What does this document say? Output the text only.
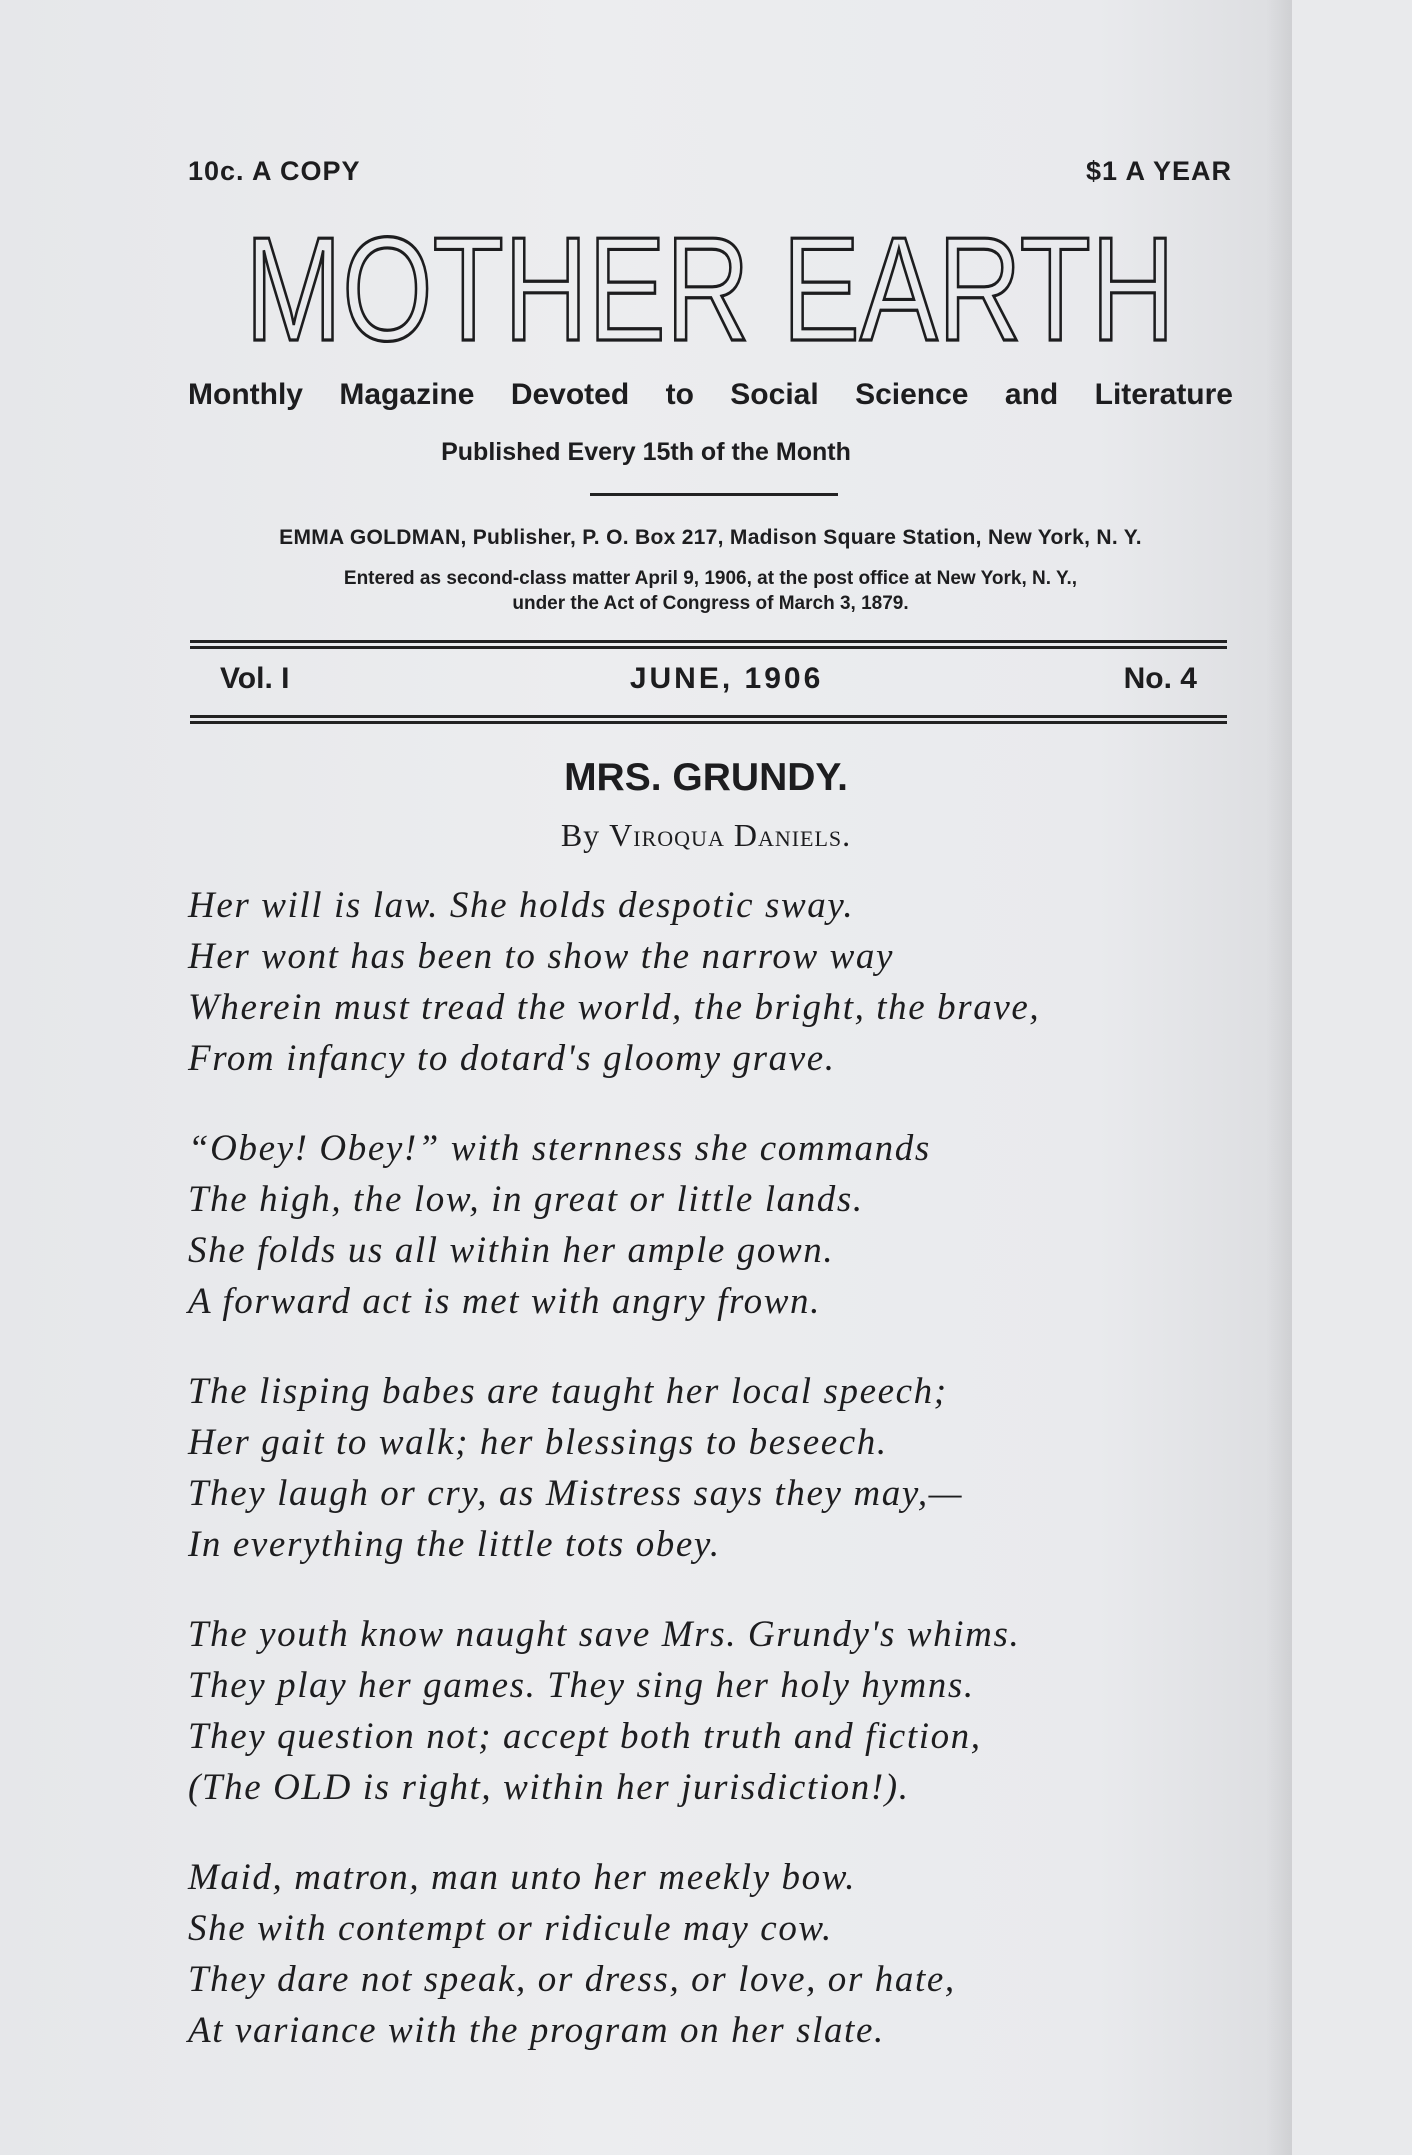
10c. A COPY	$1 A YEAR
MOTHER EARTH
Monthly Magazine Devoted to Social Science and Literature
Published Every 15th of the Month
EMMA GOLDMAN, Publisher, P. O. Box 217, Madison Square Station, New York, N. Y.
Entered as second-class matter April 9, 1906, at the post office at New York, N. Y.,
under the Act of Congress of March 3, 1879.
Vol. I	JUNE, 1906	No. 4
MRS. GRUNDY.
By Viroqua Daniels.
Her will is law. She holds despotic sway.
Her wont has been to show the narrow way
Wherein must tread the world, the bright, the brave,
From infancy to dotard's gloomy grave.
“Obey! Obey!” with sternness she commands
The high, the low, in great or little lands.
She folds us all within her ample gown.
A forward act is met with angry frown.
The lisping babes are taught her local speech;
Her gait to walk; her blessings to beseech.
They laugh or cry, as Mistress says they may,—
In everything the little tots obey.
The youth know naught save Mrs. Grundy's whims.
They play her games. They sing her holy hymns.
They question not; accept both truth and fiction,
(The OLD is right, within her jurisdiction!).
Maid, matron, man unto her meekly bow.
She with contempt or ridicule may cow.
They dare not speak, or dress, or love, or hate,
At variance with the program on her slate.
